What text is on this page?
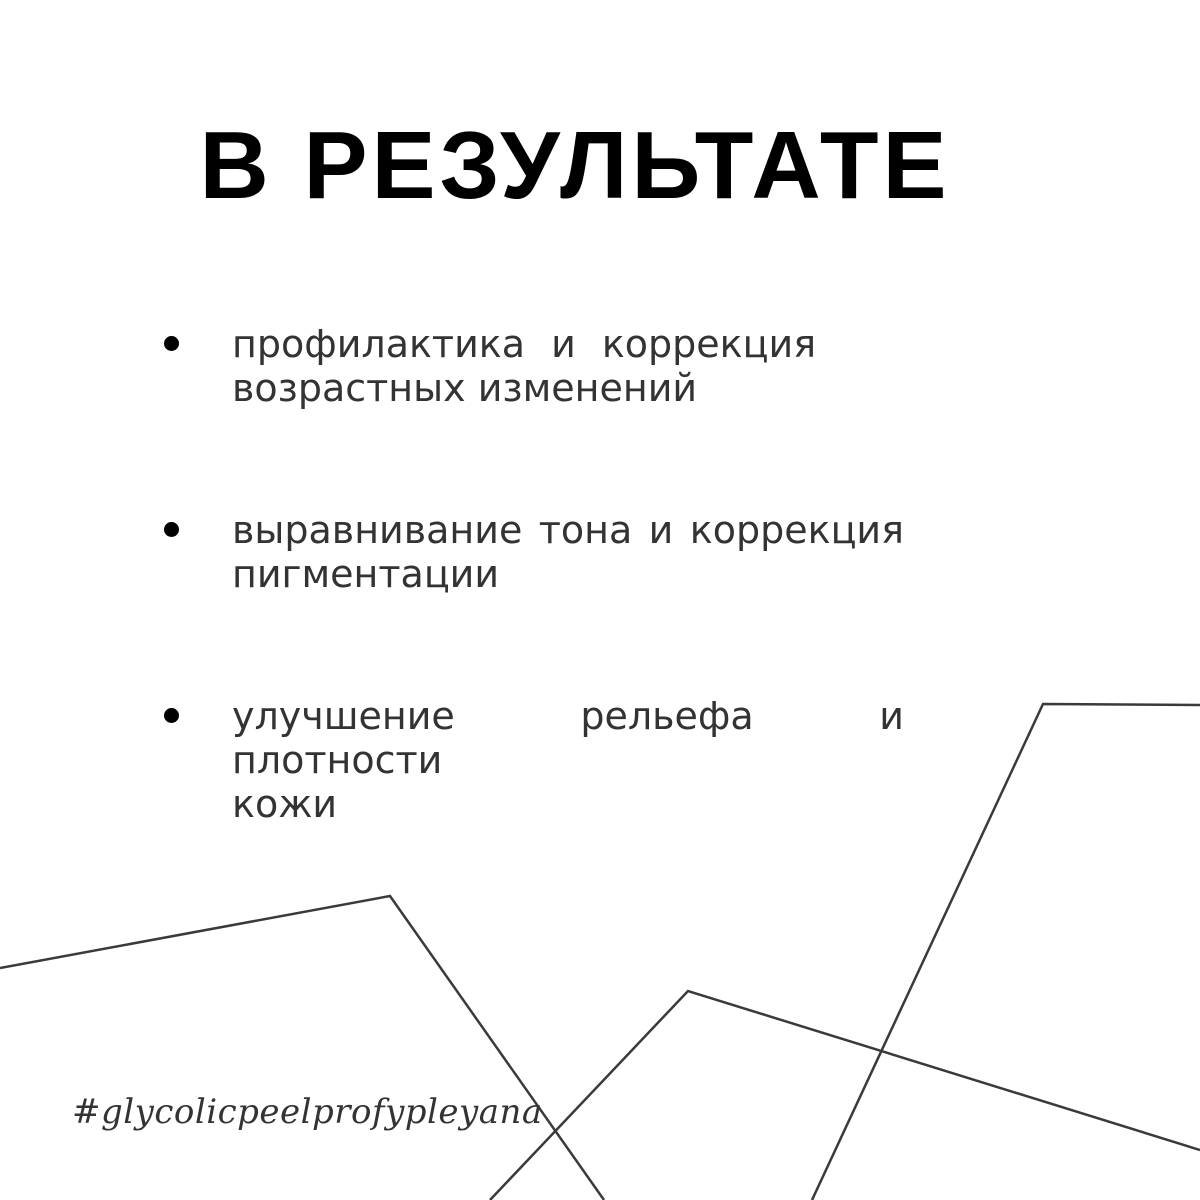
В РЕЗУЛЬТАТЕ
профилактика и коррекция
возрастных изменений
выравнивание тона и коррекция
пигментации
улучшение рельефа и плотности
кожи
#glycolicpeelprofypleyana
